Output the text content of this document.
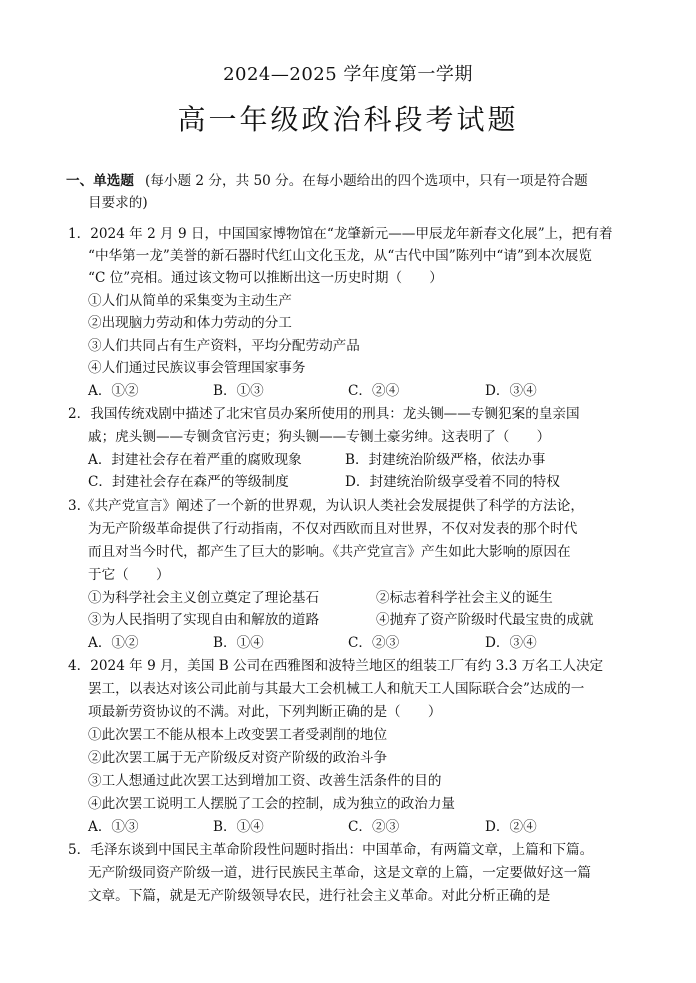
2024—2025 学年度第一学期
高一年级政治科段考试题
一、单选题 (每小题 2 分，共 50 分。在每小题给出的四个选项中，只有一项是符合题
目要求的)
1．2024 年 2 月 9 日，中国国家博物馆在“龙肇新元——甲辰龙年新春文化展”上，把有着
“中华第一龙”美誉的新石器时代红山文化玉龙，从“古代中国”陈列中“请”到本次展览
“C 位”亮相。通过该文物可以推断出这一历史时期（　　）
①人们从简单的采集变为主动生产
②出现脑力劳动和体力劳动的分工
③人们共同占有生产资料，平均分配劳动产品
④人们通过民族议事会管理国家事务
A．①②	B．①③	C．②④	D．③④
2．我国传统戏剧中描述了北宋官员办案所使用的刑具：龙头铡——专铡犯案的皇亲国
戚；虎头铡——专铡贪官污吏；狗头铡——专铡土豪劣绅。这表明了（　　）
A．封建社会存在着严重的腐败现象	B．封建统治阶级严格，依法办事
C．封建社会存在森严的等级制度	D．封建统治阶级享受着不同的特权
3.《共产党宣言》阐述了一个新的世界观，为认识人类社会发展提供了科学的方法论，
为无产阶级革命提供了行动指南，不仅对西欧而且对世界，不仅对发表的那个时代
而且对当今时代，都产生了巨大的影响。《共产党宣言》产生如此大影响的原因在
于它（　　）
①为科学社会主义创立奠定了理论基石	②标志着科学社会主义的诞生
③为人民指明了实现自由和解放的道路	④抛弃了资产阶级时代最宝贵的成就
A．①②	B．①④	C．②③	D．③④
4．2024 年 9 月，美国 B 公司在西雅图和波特兰地区的组装工厂有约 3.3 万名工人决定
罢工，以表达对该公司此前与其最大工会机械工人和航天工人国际联合会”达成的一
项最新劳资协议的不满。对此，下列判断正确的是（　　）
①此次罢工不能从根本上改变罢工者受剥削的地位
②此次罢工属于无产阶级反对资产阶级的政治斗争
③工人想通过此次罢工达到增加工资、改善生活条件的目的
④此次罢工说明工人摆脱了工会的控制，成为独立的政治力量
A．①③	B．①④	C．②③	D．②④
5．毛泽东谈到中国民主革命阶段性问题时指出：中国革命，有两篇文章，上篇和下篇。
无产阶级同资产阶级一道，进行民族民主革命，这是文章的上篇，一定要做好这一篇
文章。下篇，就是无产阶级领导农民，进行社会主义革命。对此分析正确的是
